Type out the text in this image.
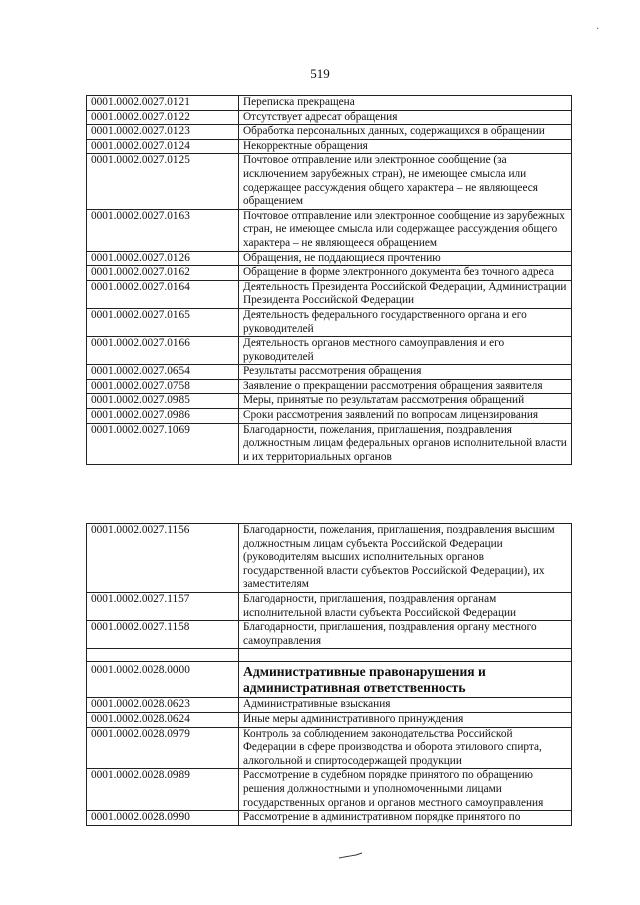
519
·
0001.0002.0027.0121	Переписка прекращена
0001.0002.0027.0122	Отсутствует адресат обращения
0001.0002.0027.0123	Обработка персональных данных, содержащихся в обращении
0001.0002.0027.0124	Некорректные обращения
0001.0002.0027.0125	Почтовое отправление или электронное сообщение (за исключением зарубежных стран), не имеющее смысла или содержащее рассуждения общего характера – не являющееся обращением
0001.0002.0027.0163	Почтовое отправление или электронное сообщение из зарубежных стран, не имеющее смысла или содержащее рассуждения общего характера – не являющееся обращением
0001.0002.0027.0126	Обращения, не поддающиеся прочтению
0001.0002.0027.0162	Обращение в форме электронного документа без точного адреса
0001.0002.0027.0164	Деятельность Президента Российской Федерации, Администрации Президента Российской Федерации
0001.0002.0027.0165	Деятельность федерального государственного органа и его руководителей
0001.0002.0027.0166	Деятельность органов местного самоуправления и его руководителей
0001.0002.0027.0654	Результаты рассмотрения обращения
0001.0002.0027.0758	Заявление о прекращении рассмотрения обращения заявителя
0001.0002.0027.0985	Меры, принятые по результатам рассмотрения обращений
0001.0002.0027.0986	Сроки рассмотрения заявлений по вопросам лицензирования
0001.0002.0027.1069	Благодарности, пожелания, приглашения, поздравления должностным лицам федеральных органов исполнительной власти и их территориальных органов
0001.0002.0027.1156	Благодарности, пожелания, приглашения, поздравления высшим должностным лицам субъекта Российской Федерации (руководителям высших исполнительных органов государственной власти субъектов Российской Федерации), их заместителям
0001.0002.0027.1157	Благодарности, приглашения, поздравления органам исполнительной власти субъекта Российской Федерации
0001.0002.0027.1158	Благодарности, приглашения, поздравления органу местного самоуправления

0001.0002.0028.0000	Административные правонарушения и административная ответственность
0001.0002.0028.0623	Административные взыскания
0001.0002.0028.0624	Иные меры административного принуждения
0001.0002.0028.0979	Контроль за соблюдением законодательства Российской Федерации в сфере производства и оборота этилового спирта, алкогольной и спиртосодержащей продукции
0001.0002.0028.0989	Рассмотрение в судебном порядке принятого по обращению решения должностными и уполномоченными лицами государственных органов и органов местного самоуправления
0001.0002.0028.0990	Рассмотрение в административном порядке принятого по
